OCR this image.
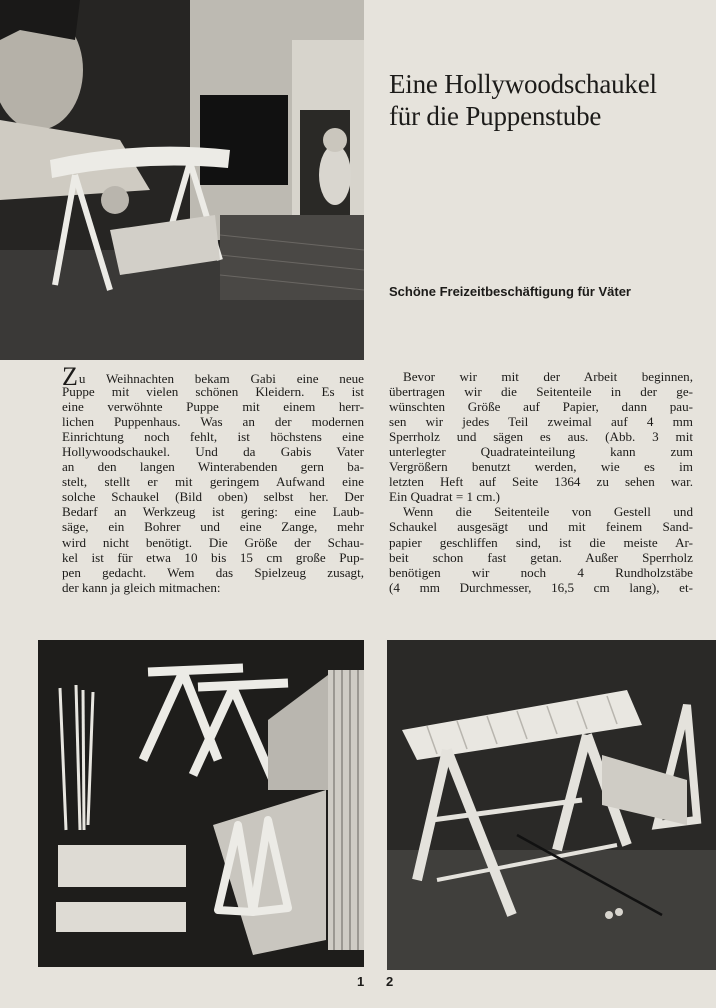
Eine Hollywoodschaukel
für die Puppenstube
Schöne Freizeitbeschäftigung für Väter
Zu Weihnachten bekam Gabi eine neue
Puppe mit vielen schönen Kleidern. Es ist
eine verwöhnte Puppe mit einem herr-
lichen Puppenhaus. Was an der modernen
Einrichtung noch fehlt, ist höchstens eine
Hollywoodschaukel. Und da Gabis Vater
an den langen Winterabenden gern ba-
stelt, stellt er mit geringem Aufwand eine
solche Schaukel (Bild oben) selbst her. Der
Bedarf an Werkzeug ist gering: eine Laub-
säge, ein Bohrer und eine Zange, mehr
wird nicht benötigt. Die Größe der Schau-
kel ist für etwa 10 bis 15 cm große Pup-
pen gedacht. Wem das Spielzeug zusagt,
der kann ja gleich mitmachen:
Bevor wir mit der Arbeit beginnen,
übertragen wir die Seitenteile in der ge-
wünschten Größe auf Papier, dann pau-
sen wir jedes Teil zweimal auf 4 mm
Sperrholz und sägen es aus. (Abb. 3 mit
unterlegter Quadrateinteilung kann zum
Vergrößern benutzt werden, wie es im
letzten Heft auf Seite 1364 zu sehen war.
Ein Quadrat = 1 cm.)
Wenn die Seitenteile von Gestell und
Schaukel ausgesägt und mit feinem Sand-
papier geschliffen sind, ist die meiste Ar-
beit schon fast getan. Außer Sperrholz
benötigen wir noch 4 Rundholzstäbe
(4 mm Durchmesser, 16,5 cm lang), et-
1 2
